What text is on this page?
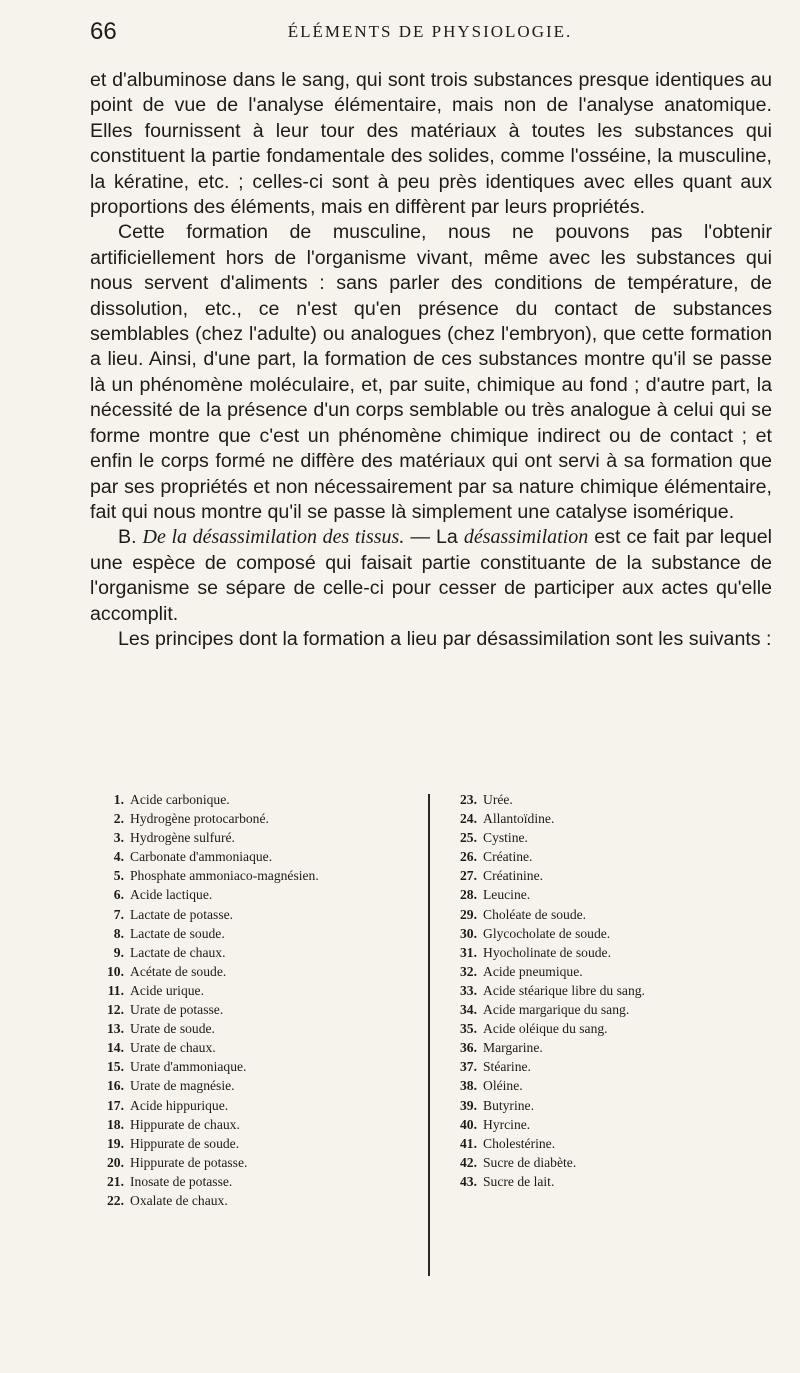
66	ÉLÉMENTS DE PHYSIOLOGIE.

et d'albuminose dans le sang, qui sont trois substances presque identiques au point de vue de l'analyse élémentaire, mais non de l'analyse anatomique. Elles fournissent à leur tour des matériaux à toutes les substances qui constituent la partie fondamentale des solides, comme l'osséine, la musculine, la kératine, etc. ; celles-ci sont à peu près identiques avec elles quant aux proportions des éléments, mais en diffèrent par leurs propriétés.

Cette formation de musculine, nous ne pouvons pas l'obtenir artificiellement hors de l'organisme vivant, même avec les substances qui nous servent d'aliments : sans parler des conditions de température, de dissolution, etc., ce n'est qu'en présence du contact de substances semblables (chez l'adulte) ou analogues (chez l'embryon), que cette formation a lieu. Ainsi, d'une part, la formation de ces substances montre qu'il se passe là un phénomène moléculaire, et, par suite, chimique au fond ; d'autre part, la nécessité de la présence d'un corps semblable ou très analogue à celui qui se forme montre que c'est un phénomène chimique indirect ou de contact ; et enfin le corps formé ne diffère des matériaux qui ont servi à sa formation que par ses propriétés et non nécessairement par sa nature chimique élémentaire, fait qui nous montre qu'il se passe là simplement une catalyse isomérique.

B. De la désassimilation des tissus. — La désassimilation est ce fait par lequel une espèce de composé qui faisait partie constituante de la substance de l'organisme se sépare de celle-ci pour cesser de participer aux actes qu'elle accomplit.

Les principes dont la formation a lieu par désassimilation sont les suivants :

1. Acide carbonique.
2. Hydrogène protocarboné.
3. Hydrogène sulfuré.
4. Carbonate d'ammoniaque.
5. Phosphate ammoniaco-magnésien.
6. Acide lactique.
7. Lactate de potasse.
8. Lactate de soude.
9. Lactate de chaux.
10. Acétate de soude.
11. Acide urique.
12. Urate de potasse.
13. Urate de soude.
14. Urate de chaux.
15. Urate d'ammoniaque.
16. Urate de magnésie.
17. Acide hippurique.
18. Hippurate de chaux.
19. Hippurate de soude.
20. Hippurate de potasse.
21. Inosate de potasse.
22. Oxalate de chaux.
23. Urée.
24. Allantoïdine.
25. Cystine.
26. Créatine.
27. Créatinine.
28. Leucine.
29. Choléate de soude.
30. Glycocholate de soude.
31. Hyocholinate de soude.
32. Acide pneumique.
33. Acide stéarique libre du sang.
34. Acide margarique du sang.
35. Acide oléique du sang.
36. Margarine.
37. Stéarine.
38. Oléine.
39. Butyrine.
40. Hyrcine.
41. Cholestérine.
42. Sucre de diabète.
43. Sucre de lait.
